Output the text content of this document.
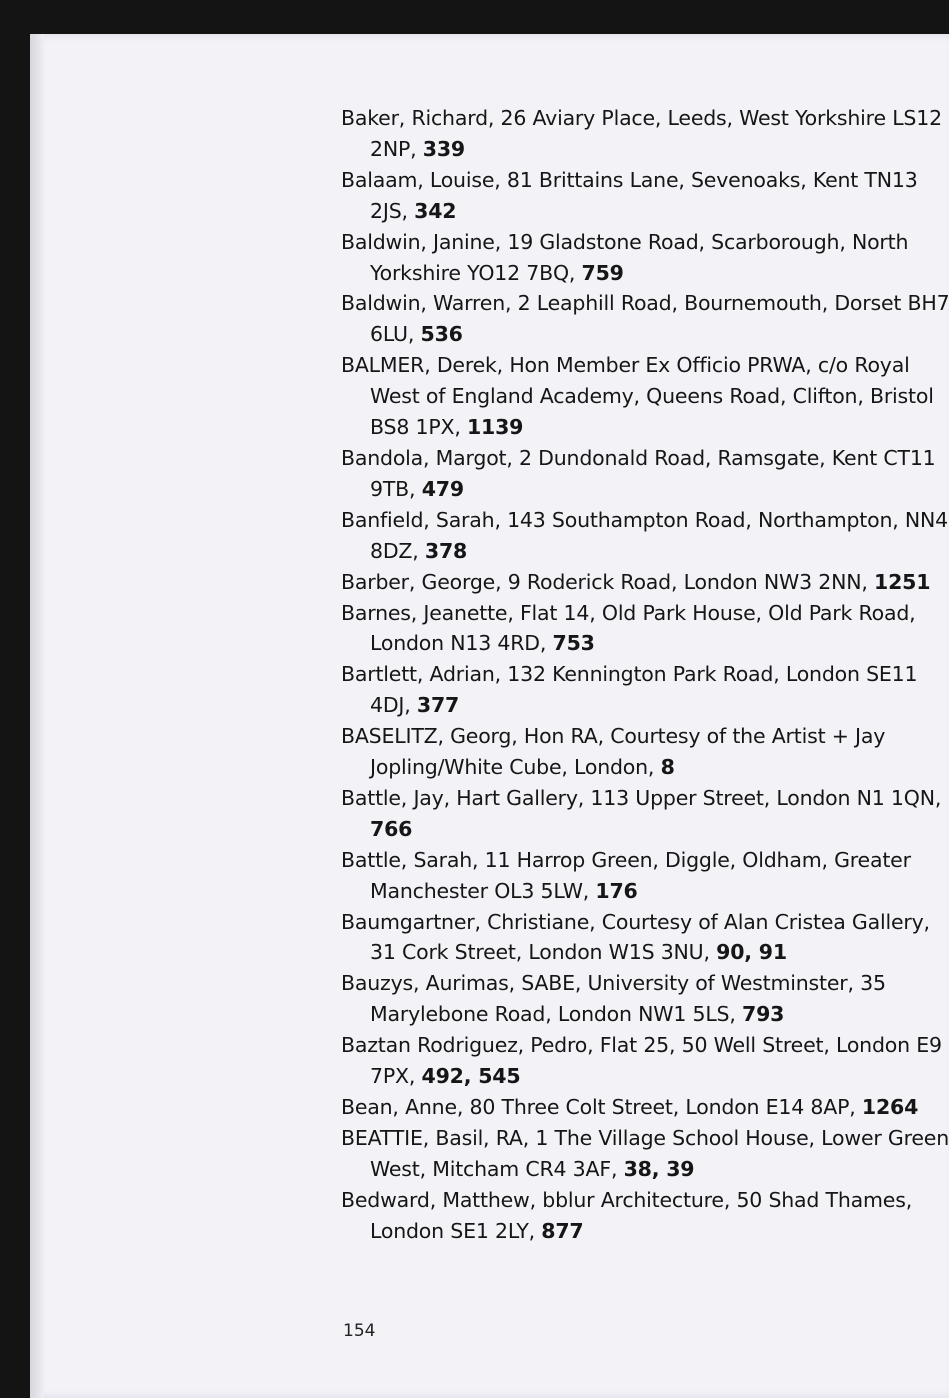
Baker, Richard, 26 Aviary Place, Leeds, West Yorkshire LS12 2NP, 339
Balaam, Louise, 81 Brittains Lane, Sevenoaks, Kent TN13 2JS, 342
Baldwin, Janine, 19 Gladstone Road, Scarborough, North Yorkshire YO12 7BQ, 759
Baldwin, Warren, 2 Leaphill Road, Bournemouth, Dorset BH7 6LU, 536
BALMER, Derek, Hon Member Ex Officio PRWA, c/o Royal West of England Academy, Queens Road, Clifton, Bristol BS8 1PX, 1139
Bandola, Margot, 2 Dundonald Road, Ramsgate, Kent CT11 9TB, 479
Banfield, Sarah, 143 Southampton Road, Northampton, NN4 8DZ, 378
Barber, George, 9 Roderick Road, London NW3 2NN, 1251
Barnes, Jeanette, Flat 14, Old Park House, Old Park Road, London N13 4RD, 753
Bartlett, Adrian, 132 Kennington Park Road, London SE11 4DJ, 377
BASELITZ, Georg, Hon RA, Courtesy of the Artist + Jay Jopling/White Cube, London, 8
Battle, Jay, Hart Gallery, 113 Upper Street, London N1 1QN, 766
Battle, Sarah, 11 Harrop Green, Diggle, Oldham, Greater Manchester OL3 5LW, 176
Baumgartner, Christiane, Courtesy of Alan Cristea Gallery, 31 Cork Street, London W1S 3NU, 90, 91
Bauzys, Aurimas, SABE, University of Westminster, 35 Marylebone Road, London NW1 5LS, 793
Baztan Rodriguez, Pedro, Flat 25, 50 Well Street, London E9 7PX, 492, 545
Bean, Anne, 80 Three Colt Street, London E14 8AP, 1264
BEATTIE, Basil, RA, 1 The Village School House, Lower Green West, Mitcham CR4 3AF, 38, 39
Bedward, Matthew, bblur Architecture, 50 Shad Thames, London SE1 2LY, 877
154
